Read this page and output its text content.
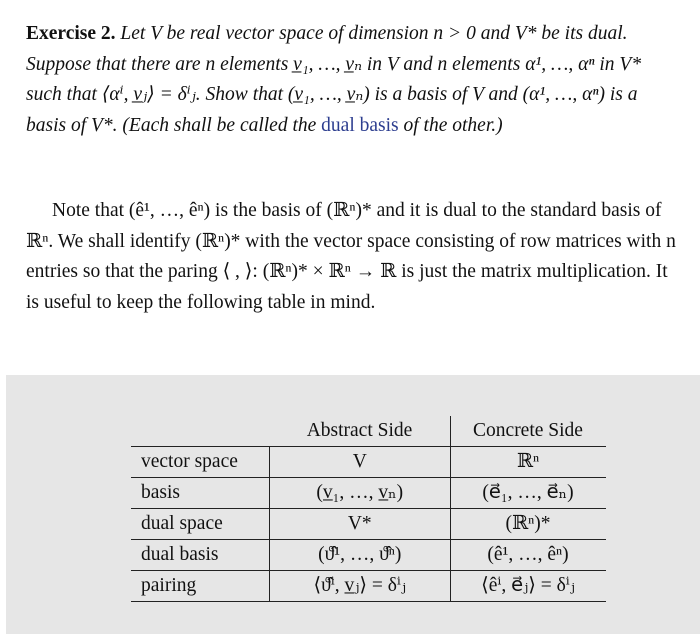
Exercise 2. Let V be real vector space of dimension n > 0 and V* be its dual. Suppose that there are n elements v̲₁, …, v̲ₙ in V and n elements α¹, …, αⁿ in V* such that ⟨αⁱ, v̲ⱼ⟩ = δⁱⱼ. Show that (v̲₁, …, v̲ₙ) is a basis of V and (α¹, …, αⁿ) is a basis of V*. (Each shall be called the dual basis of the other.)
Note that (ê¹, …, êⁿ) is the basis of (ℝⁿ)* and it is dual to the standard basis of ℝⁿ. We shall identify (ℝⁿ)* with the vector space consisting of row matrices with n entries so that the paring ⟨ , ⟩: (ℝⁿ)* × ℝⁿ → ℝ is just the matrix multiplication. It is useful to keep the following table in mind.
	Abstract Side	Concrete Side
vector space	V	ℝⁿ
basis	(v̲₁, …, v̲ₙ)	(e⃗₁, …, e⃗ₙ)
dual space	V*	(ℝⁿ)*
dual basis	(ϑ̂¹, …, ϑ̂ⁿ)	(ê¹, …, êⁿ)
pairing	⟨ϑ̂ⁱ, v̲ⱼ⟩ = δⁱⱼ	⟨êⁱ, e⃗ⱼ⟩ = δⁱⱼ
